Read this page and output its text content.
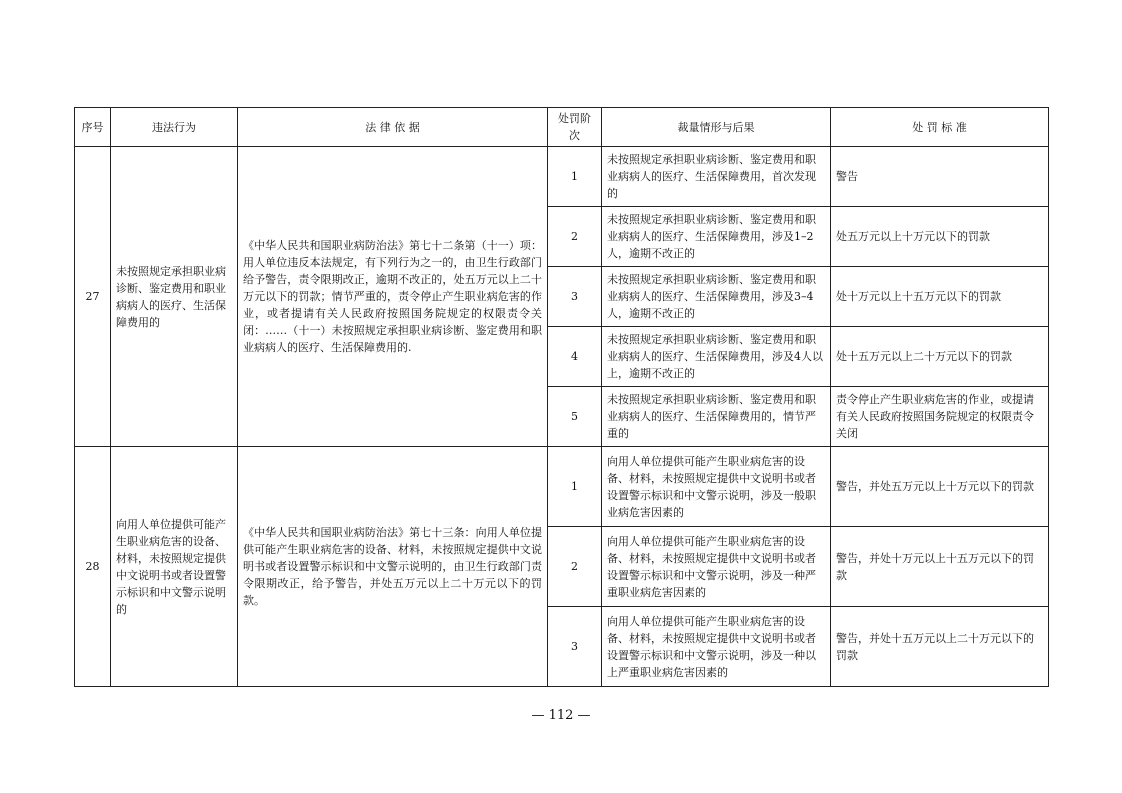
序号	违法行为	法 律 依 据	处罚阶次	裁量情形与后果	处 罚 标 准
27	未按照规定承担职业病诊断、鉴定费用和职业病病人的医疗、生活保障费用的	《中华人民共和国职业病防治法》第七十二条第（十一）项：用人单位违反本法规定，有下列行为之一的，由卫生行政部门给予警告，责令限期改正，逾期不改正的，处五万元以上二十万元以下的罚款；情节严重的，责令停止产生职业病危害的作业，或者提请有关人民政府按照国务院规定的权限责令关闭：……（十一）未按照规定承担职业病诊断、鉴定费用和职业病病人的医疗、生活保障费用的.	1	未按照规定承担职业病诊断、鉴定费用和职业病病人的医疗、生活保障费用，首次发现的	警告
			2	未按照规定承担职业病诊断、鉴定费用和职业病病人的医疗、生活保障费用，涉及1–2人，逾期不改正的	处五万元以上十万元以下的罚款
			3	未按照规定承担职业病诊断、鉴定费用和职业病病人的医疗、生活保障费用，涉及3–4人，逾期不改正的	处十万元以上十五万元以下的罚款
			4	未按照规定承担职业病诊断、鉴定费用和职业病病人的医疗、生活保障费用，涉及4人以上，逾期不改正的	处十五万元以上二十万元以下的罚款
			5	未按照规定承担职业病诊断、鉴定费用和职业病病人的医疗、生活保障费用的，情节严重的	责令停止产生职业病危害的作业，或提请有关人民政府按照国务院规定的权限责令关闭
28	向用人单位提供可能产生职业病危害的设备、材料，未按照规定提供中文说明书或者设置警示标识和中文警示说明的	《中华人民共和国职业病防治法》第七十三条：向用人单位提供可能产生职业病危害的设备、材料，未按照规定提供中文说明书或者设置警示标识和中文警示说明的，由卫生行政部门责令限期改正，给予警告，并处五万元以上二十万元以下的罚款。	1	向用人单位提供可能产生职业病危害的设备、材料，未按照规定提供中文说明书或者设置警示标识和中文警示说明，涉及一般职业病危害因素的	警告，并处五万元以上十万元以下的罚款
			2	向用人单位提供可能产生职业病危害的设备、材料，未按照规定提供中文说明书或者设置警示标识和中文警示说明，涉及一种严重职业病危害因素的	警告，并处十万元以上十五万元以下的罚款
			3	向用人单位提供可能产生职业病危害的设备、材料，未按照规定提供中文说明书或者设置警示标识和中文警示说明，涉及一种以上严重职业病危害因素的	警告，并处十五万元以上二十万元以下的罚款
— 112 —
